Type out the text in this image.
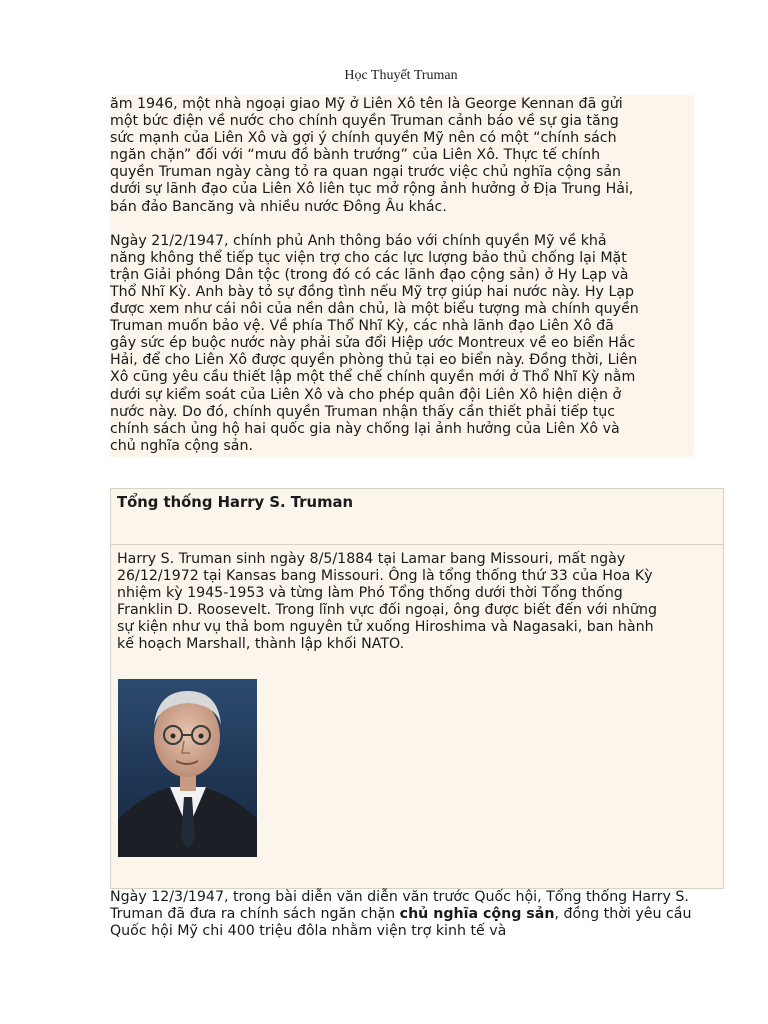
Học Thuyết Truman

ăm 1946, một nhà ngoại giao Mỹ ở Liên Xô tên là George Kennan đã gửi
một bức điện về nước cho chính quyền Truman cảnh báo về sự gia tăng
sức mạnh của Liên Xô và gợi ý chính quyền Mỹ nên có một “chính sách
ngăn chặn” đối với “mưu đồ bành trướng” của Liên Xô. Thực tế chính
quyền Truman ngày càng tỏ ra quan ngại trước việc chủ nghĩa cộng sản
dưới sự lãnh đạo của Liên Xô liên tục mở rộng ảnh hưởng ở Địa Trung Hải,
bán đảo Bancăng và nhiều nước Đông Âu khác.

Ngày 21/2/1947, chính phủ Anh thông báo với chính quyền Mỹ về khả
năng không thể tiếp tục viện trợ cho các lực lượng bảo thủ chống lại Mặt
trận Giải phóng Dân tộc (trong đó có các lãnh đạo cộng sản) ở Hy Lạp và
Thổ Nhĩ Kỳ. Anh bày tỏ sự đồng tình nếu Mỹ trợ giúp hai nước này. Hy Lạp
được xem như cái nôi của nền dân chủ, là một biểu tượng mà chính quyền
Truman muốn bảo vệ. Về phía Thổ Nhĩ Kỳ, các nhà lãnh đạo Liên Xô đã
gây sức ép buộc nước này phải sửa đổi Hiệp ước Montreux về eo biển Hắc
Hải, để cho Liên Xô được quyền phòng thủ tại eo biển này. Đồng thời, Liên
Xô cũng yêu cầu thiết lập một thể chế chính quyền mới ở Thổ Nhĩ Kỳ nằm
dưới sự kiểm soát của Liên Xô và cho phép quân đội Liên Xô hiện diện ở
nước này. Do đó, chính quyền Truman nhận thấy cần thiết phải tiếp tục
chính sách ủng hộ hai quốc gia này chống lại ảnh hưởng của Liên Xô và
chủ nghĩa cộng sản.

Tổng thống Harry S. Truman
Harry S. Truman sinh ngày 8/5/1884 tại Lamar bang Missouri, mất ngày
26/12/1972 tại Kansas bang Missouri. Ông là tổng thống thứ 33 của Hoa Kỳ
nhiệm kỳ 1945-1953 và từng làm Phó Tổng thống dưới thời Tổng thống
Franklin D. Roosevelt. Trong lĩnh vực đối ngoại, ông được biết đến với những
sự kiện như vụ thả bom nguyên tử xuống Hiroshima và Nagasaki, ban hành
kế hoạch Marshall, thành lập khối NATO.

Ngày 12/3/1947, trong bài diễn văn diễn văn trước Quốc hội, Tổng thống Harry S. Truman đã đưa ra chính sách ngăn chặn chủ nghĩa cộng sản, đồng thời yêu cầu Quốc hội Mỹ chi 400 triệu đôla nhằm viện trợ kinh tế và
